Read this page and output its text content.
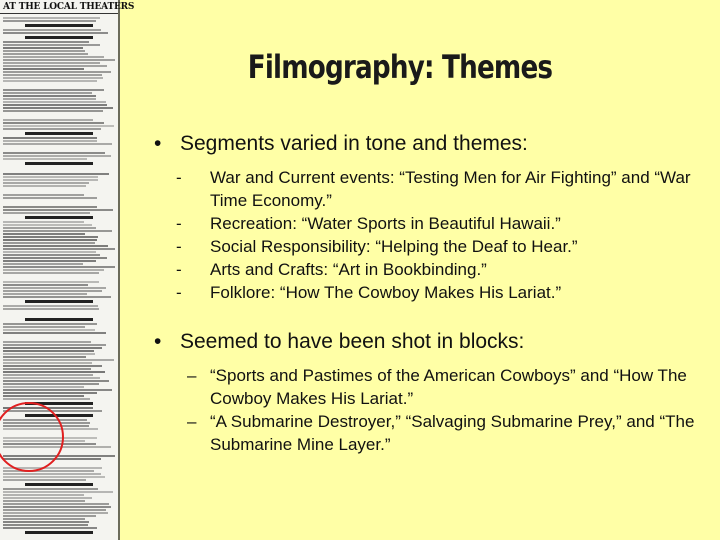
AT THE LOCAL THEATERS
Filmography: Themes
• Segments varied in tone and themes:
- War and Current events: “Testing Men for Air Fighting” and “War Time Economy.”
- Recreation: “Water Sports in Beautiful Hawaii.”
- Social Responsibility: “Helping the Deaf to Hear.”
- Arts and Crafts: “Art in Bookbinding.”
- Folklore: “How The Cowboy Makes His Lariat.”
• Seemed to have been shot in blocks:
– “Sports and Pastimes of the American Cowboys” and “How The Cowboy Makes His Lariat.”
– “A Submarine Destroyer,” “Salvaging Submarine Prey,” and “The Submarine Mine Layer.”
